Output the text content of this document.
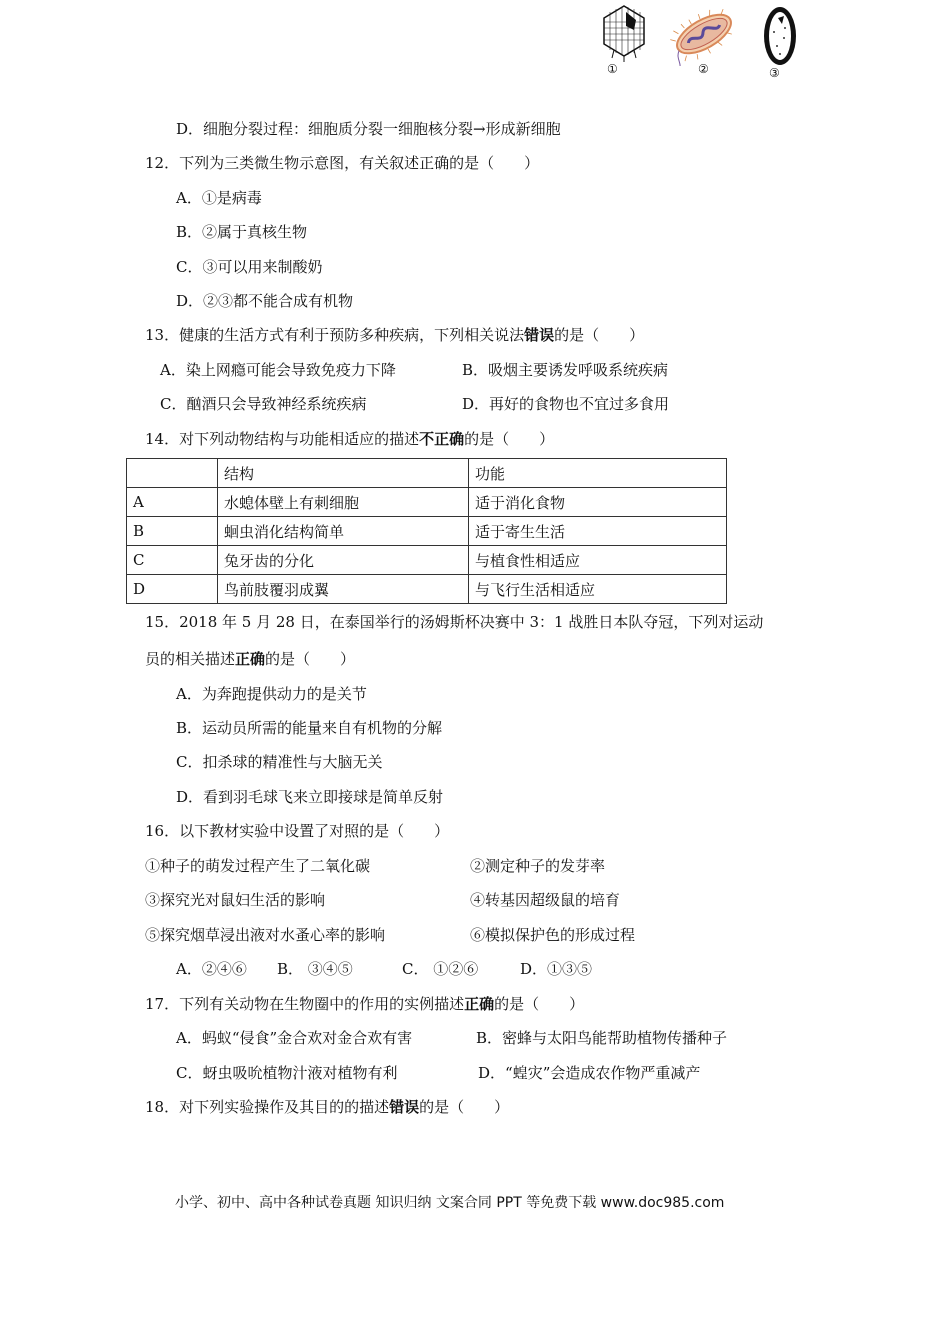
①	②	③
D．细胞分裂过程：细胞质分裂一细胞核分裂→形成新细胞
12．下列为三类微生物示意图，有关叙述正确的是（　　）
A．①是病毒
B．②属于真核生物
C．③可以用来制酸奶
D．②③都不能合成有机物
13．健康的生活方式有利于预防多种疾病，下列相关说法错误的是（　　）
A．染上网瘾可能会导致免疫力下降	B．吸烟主要诱发呼吸系统疾病
C．酗酒只会导致神经系统疾病	D．再好的食物也不宜过多食用
14．对下列动物结构与功能相适应的描述不正确的是（　　）
	结构	功能
A	水螅体壁上有刺细胞	适于消化食物
B	蛔虫消化结构简单	适于寄生生活
C	兔牙齿的分化	与植食性相适应
D	鸟前肢覆羽成翼	与飞行生活相适应
15．2018 年 5 月 28 日，在泰国举行的汤姆斯杯决赛中 3：1 战胜日本队夺冠，下列对运动
员的相关描述正确的是（　　）
A．为奔跑提供动力的是关节
B．运动员所需的能量来自有机物的分解
C．扣杀球的精准性与大脑无关
D．看到羽毛球飞来立即接球是简单反射
16．以下教材实验中设置了对照的是（　　）
①种子的萌发过程产生了二氧化碳	②测定种子的发芽率
③探究光对鼠妇生活的影响	④转基因超级鼠的培育
⑤探究烟草浸出液对水蚤心率的影响	⑥模拟保护色的形成过程
A．②④⑥ B． ③④⑤	C． ①②⑥	D．①③⑤
17．下列有关动物在生物圈中的作用的实例描述正确的是（　　）
A．蚂蚁“侵食”金合欢对金合欢有害	B．密蜂与太阳鸟能帮助植物传播种子
C．蚜虫吸吮植物汁液对植物有利	D．“蝗灾”会造成农作物严重减产
18．对下列实验操作及其目的的描述错误的是（　　）
小学、初中、高中各种试卷真题 知识归纳 文案合同 PPT 等免费下载 www.doc985.com
